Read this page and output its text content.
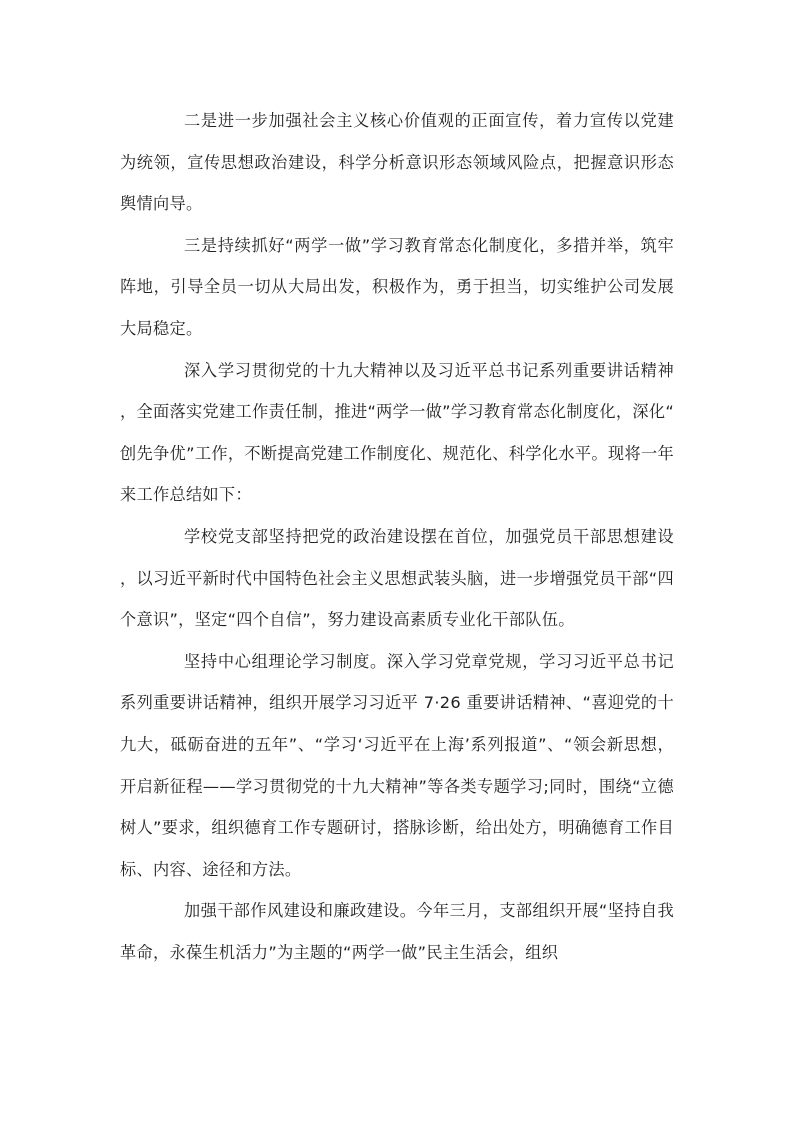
二是进一步加强社会主义核心价值观的正面宣传，着力宣传以党建为统领，宣传思想政治建设，科学分析意识形态领域风险点，把握意识形态舆情向导。

三是持续抓好“两学一做”学习教育常态化制度化，多措并举，筑牢阵地，引导全员一切从大局出发，积极作为，勇于担当，切实维护公司发展大局稳定。

深入学习贯彻党的十九大精神以及习近平总书记系列重要讲话精神，全面落实党建工作责任制，推进“两学一做”学习教育常态化制度化，深化“创先争优”工作，不断提高党建工作制度化、规范化、科学化水平。现将一年来工作总结如下：

学校党支部坚持把党的政治建设摆在首位，加强党员干部思想建设，以习近平新时代中国特色社会主义思想武装头脑，进一步增强党员干部“四个意识”，坚定“四个自信”，努力建设高素质专业化干部队伍。

坚持中心组理论学习制度。深入学习党章党规，学习习近平总书记系列重要讲话精神，组织开展学习习近平 7·26 重要讲话精神、“喜迎党的十九大，砥砺奋进的五年”、“学习‘习近平在上海’系列报道”、“领会新思想，开启新征程——学习贯彻党的十九大精神”等各类专题学习;同时，围绕“立德树人”要求，组织德育工作专题研讨，搭脉诊断，给出处方，明确德育工作目标、内容、途径和方法。

加强干部作风建设和廉政建设。今年三月，支部组织开展“坚持自我革命，永葆生机活力”为主题的“两学一做”民主生活会，组织
